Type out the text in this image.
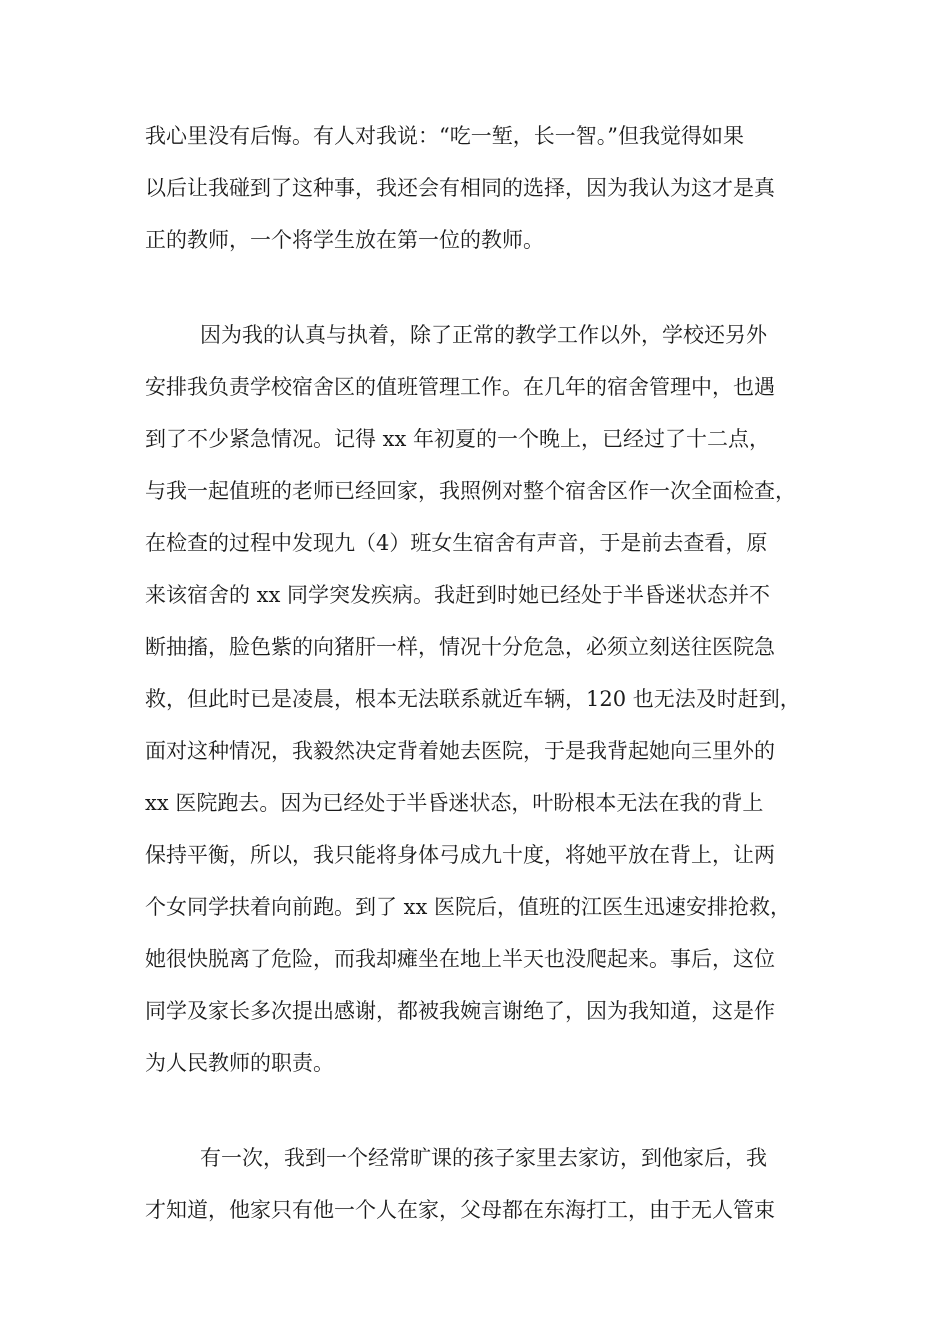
我心里没有后悔。有人对我说：“吃一堑，长一智。”但我觉得如果
以后让我碰到了这种事，我还会有相同的选择，因为我认为这才是真
正的教师，一个将学生放在第一位的教师。
因为我的认真与执着，除了正常的教学工作以外，学校还另外
安排我负责学校宿舍区的值班管理工作。在几年的宿舍管理中，也遇
到了不少紧急情况。记得 xx 年初夏的一个晚上，已经过了十二点，
与我一起值班的老师已经回家，我照例对整个宿舍区作一次全面检查，
在检查的过程中发现九（4）班女生宿舍有声音，于是前去查看，原
来该宿舍的 xx 同学突发疾病。我赶到时她已经处于半昏迷状态并不
断抽搐，脸色紫的向猪肝一样，情况十分危急，必须立刻送往医院急
救，但此时已是凌晨，根本无法联系就近车辆，120 也无法及时赶到，
面对这种情况，我毅然决定背着她去医院，于是我背起她向三里外的
xx 医院跑去。因为已经处于半昏迷状态，叶盼根本无法在我的背上
保持平衡，所以，我只能将身体弓成九十度，将她平放在背上，让两
个女同学扶着向前跑。到了 xx 医院后，值班的江医生迅速安排抢救，
她很快脱离了危险，而我却瘫坐在地上半天也没爬起来。事后，这位
同学及家长多次提出感谢，都被我婉言谢绝了，因为我知道，这是作
为人民教师的职责。
有一次，我到一个经常旷课的孩子家里去家访，到他家后，我
才知道，他家只有他一个人在家，父母都在东海打工，由于无人管束
